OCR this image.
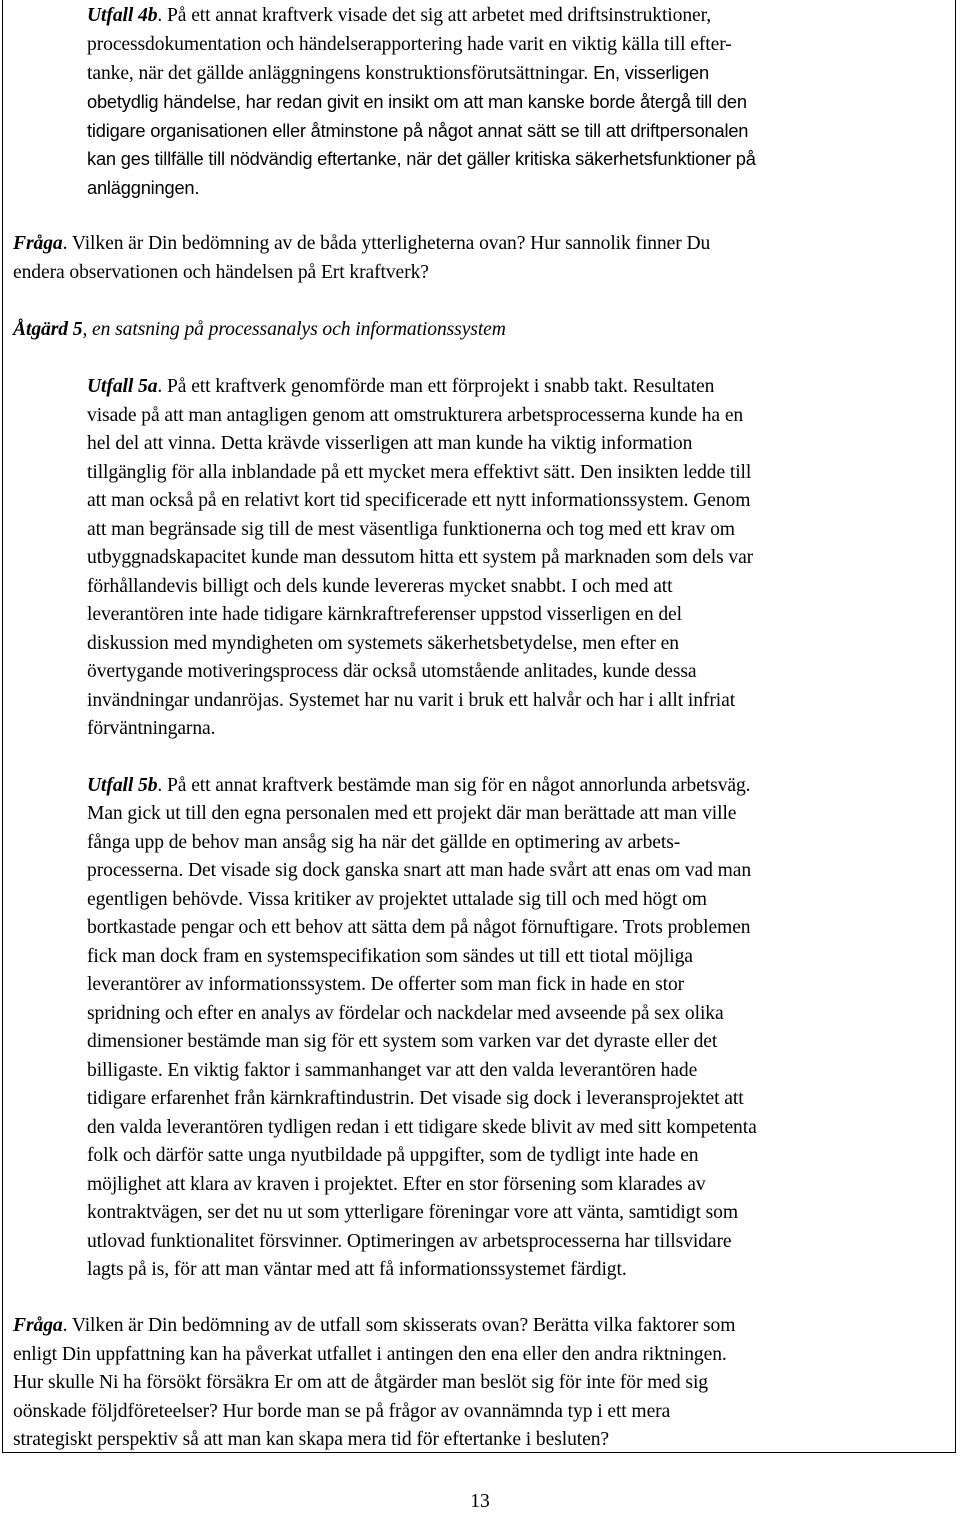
Utfall 4b. På ett annat kraftverk visade det sig att arbetet med driftsinstruktioner,
processdokumentation och händelserapportering hade varit en viktig källa till efter-
tanke, när det gällde anläggningens konstruktionsförutsättningar. En, visserligen
obetydlig händelse, har redan givit en insikt om att man kanske borde återgå till den
tidigare organisationen eller åtminstone på något annat sätt se till att driftpersonalen
kan ges tillfälle till nödvändig eftertanke, när det gäller kritiska säkerhetsfunktioner på
anläggningen.
Fråga. Vilken är Din bedömning av de båda ytterligheterna ovan? Hur sannolik finner Du
endera observationen och händelsen på Ert kraftverk?
Åtgärd 5, en satsning på processanalys och informationssystem
Utfall 5a. På ett kraftverk genomförde man ett förprojekt i snabb takt. Resultaten
visade på att man antagligen genom att omstrukturera arbetsprocesserna kunde ha en
hel del att vinna. Detta krävde visserligen att man kunde ha viktig information
tillgänglig för alla inblandade på ett mycket mera effektivt sätt. Den insikten ledde till
att man också på en relativt kort tid specificerade ett nytt informationssystem. Genom
att man begränsade sig till de mest väsentliga funktionerna och tog med ett krav om
utbyggnadskapacitet kunde man dessutom hitta ett system på marknaden som dels var
förhållandevis billigt och dels kunde levereras mycket snabbt. I och med att
leverantören inte hade tidigare kärnkraftreferenser uppstod visserligen en del
diskussion med myndigheten om systemets säkerhetsbetydelse, men efter en
övertygande motiveringsprocess där också utomstående anlitades, kunde dessa
invändningar undanröjas. Systemet har nu varit i bruk ett halvår och har i allt infriat
förväntningarna.
Utfall 5b. På ett annat kraftverk bestämde man sig för en något annorlunda arbetsväg.
Man gick ut till den egna personalen med ett projekt där man berättade att man ville
fånga upp de behov man ansåg sig ha när det gällde en optimering av arbets-
processerna. Det visade sig dock ganska snart att man hade svårt att enas om vad man
egentligen behövde. Vissa kritiker av projektet uttalade sig till och med högt om
bortkastade pengar och ett behov att sätta dem på något förnuftigare. Trots problemen
fick man dock fram en systemspecifikation som sändes ut till ett tiotal möjliga
leverantörer av informationssystem. De offerter som man fick in hade en stor
spridning och efter en analys av fördelar och nackdelar med avseende på sex olika
dimensioner bestämde man sig för ett system som varken var det dyraste eller det
billigaste. En viktig faktor i sammanhanget var att den valda leverantören hade
tidigare erfarenhet från kärnkraftindustrin. Det visade sig dock i leveransprojektet att
den valda leverantören tydligen redan i ett tidigare skede blivit av med sitt kompetenta
folk och därför satte unga nyutbildade på uppgifter, som de tydligt inte hade en
möjlighet att klara av kraven i projektet. Efter en stor försening som klarades av
kontraktvägen, ser det nu ut som ytterligare föreningar vore att vänta, samtidigt som
utlovad funktionalitet försvinner. Optimeringen av arbetsprocesserna har tillsvidare
lagts på is, för att man väntar med att få informationssystemet färdigt.
Fråga. Vilken är Din bedömning av de utfall som skisserats ovan? Berätta vilka faktorer som
enligt Din uppfattning kan ha påverkat utfallet i antingen den ena eller den andra riktningen.
Hur skulle Ni ha försökt försäkra Er om att de åtgärder man beslöt sig för inte för med sig
oönskade följdföreteelser? Hur borde man se på frågor av ovannämnda typ i ett mera
strategiskt perspektiv så att man kan skapa mera tid för eftertanke i besluten?
13
